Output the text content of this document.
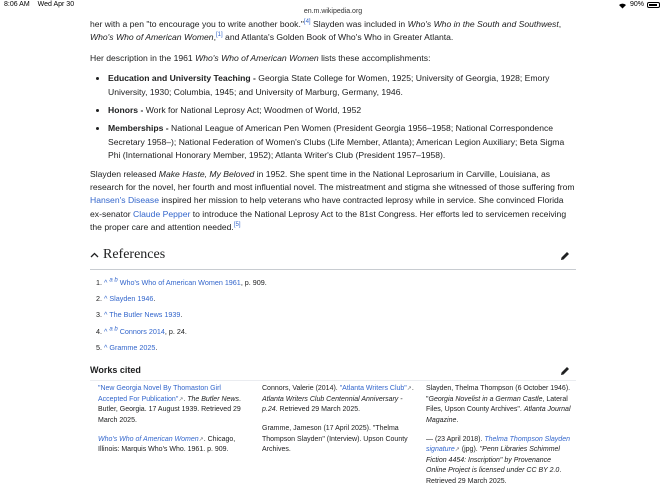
8:06 AM Wed Apr 30	90%
en.m.wikipedia.org

her with a pen "to encourage you to write another book."[4] Slayden was included in Who's Who in the South and Southwest, Who's Who of American Women,[1] and Atlanta's Golden Book of Who's Who in Greater Atlanta.

Her description in the 1961 Who's Who of American Women lists these accomplishments:

• Education and University Teaching - Georgia State College for Women, 1925; University of Georgia, 1928; Emory University, 1930; Columbia, 1945; and University of Marburg, Germany, 1946.
• Honors - Work for National Leprosy Act; Woodmen of World, 1952
• Memberships - National League of American Pen Women (President Georgia 1956–1958; National Correspondence Secretary 1958–); National Federation of Women's Clubs (Life Member, Atlanta); American Legion Auxiliary; Beta Sigma Phi (International Honorary Member, 1952); Atlanta Writer's Club (President 1957–1958).

Slayden released Make Haste, My Beloved in 1952. She spent time in the National Leprosarium in Carville, Louisiana, as research for the novel, her fourth and most influential novel. The mistreatment and stigma she witnessed of those suffering from Hansen's Disease inspired her mission to help veterans who have contracted leprosy while in service. She convinced Florida ex-senator Claude Pepper to introduce the National Leprosy Act to the 81st Congress. Her efforts led to servicemen receiving the proper care and attention needed.[5]

References
1. ^ $^{a b}$ Who's Who of American Women 1961, p. 909.
2. ^ Slayden 1946.
3. ^ The Butler News 1939.
4. ^ $^{a b}$ Connors 2014, p. 24.
5. ^ Gramme 2025.
Works cited
"New Georgia Novel By Thomaston Girl Accepted For Publication"↗. The Butler News. Butler, Georgia. 17 August 1939. Retrieved 29 March 2025.
Who's Who of American Women↗. Chicago, Illinois: Marquis Who's Who. 1961. p. 909.
Connors, Valerie (2014). "Atlanta Writers Club"↗. Atlanta Writers Club Centennial Anniversary - p.24. Retrieved 29 March 2025.
Gramme, Jameson (17 April 2025). "Thelma Thompson Slayden" (Interview). Upson County Archives.
Slayden, Thelma Thompson (6 October 1946). "Georgia Novelist in a German Castle, Lateral Files, Upson County Archives". Atlanta Journal Magazine.
— (23 April 2018). Thelma Thompson Slayden signature↗ (jpg). "Penn Libraries Schimmel Fiction 4454: Inscription" by Provenance Online Project is licensed under CC BY 2.0. Retrieved 29 March 2025.
